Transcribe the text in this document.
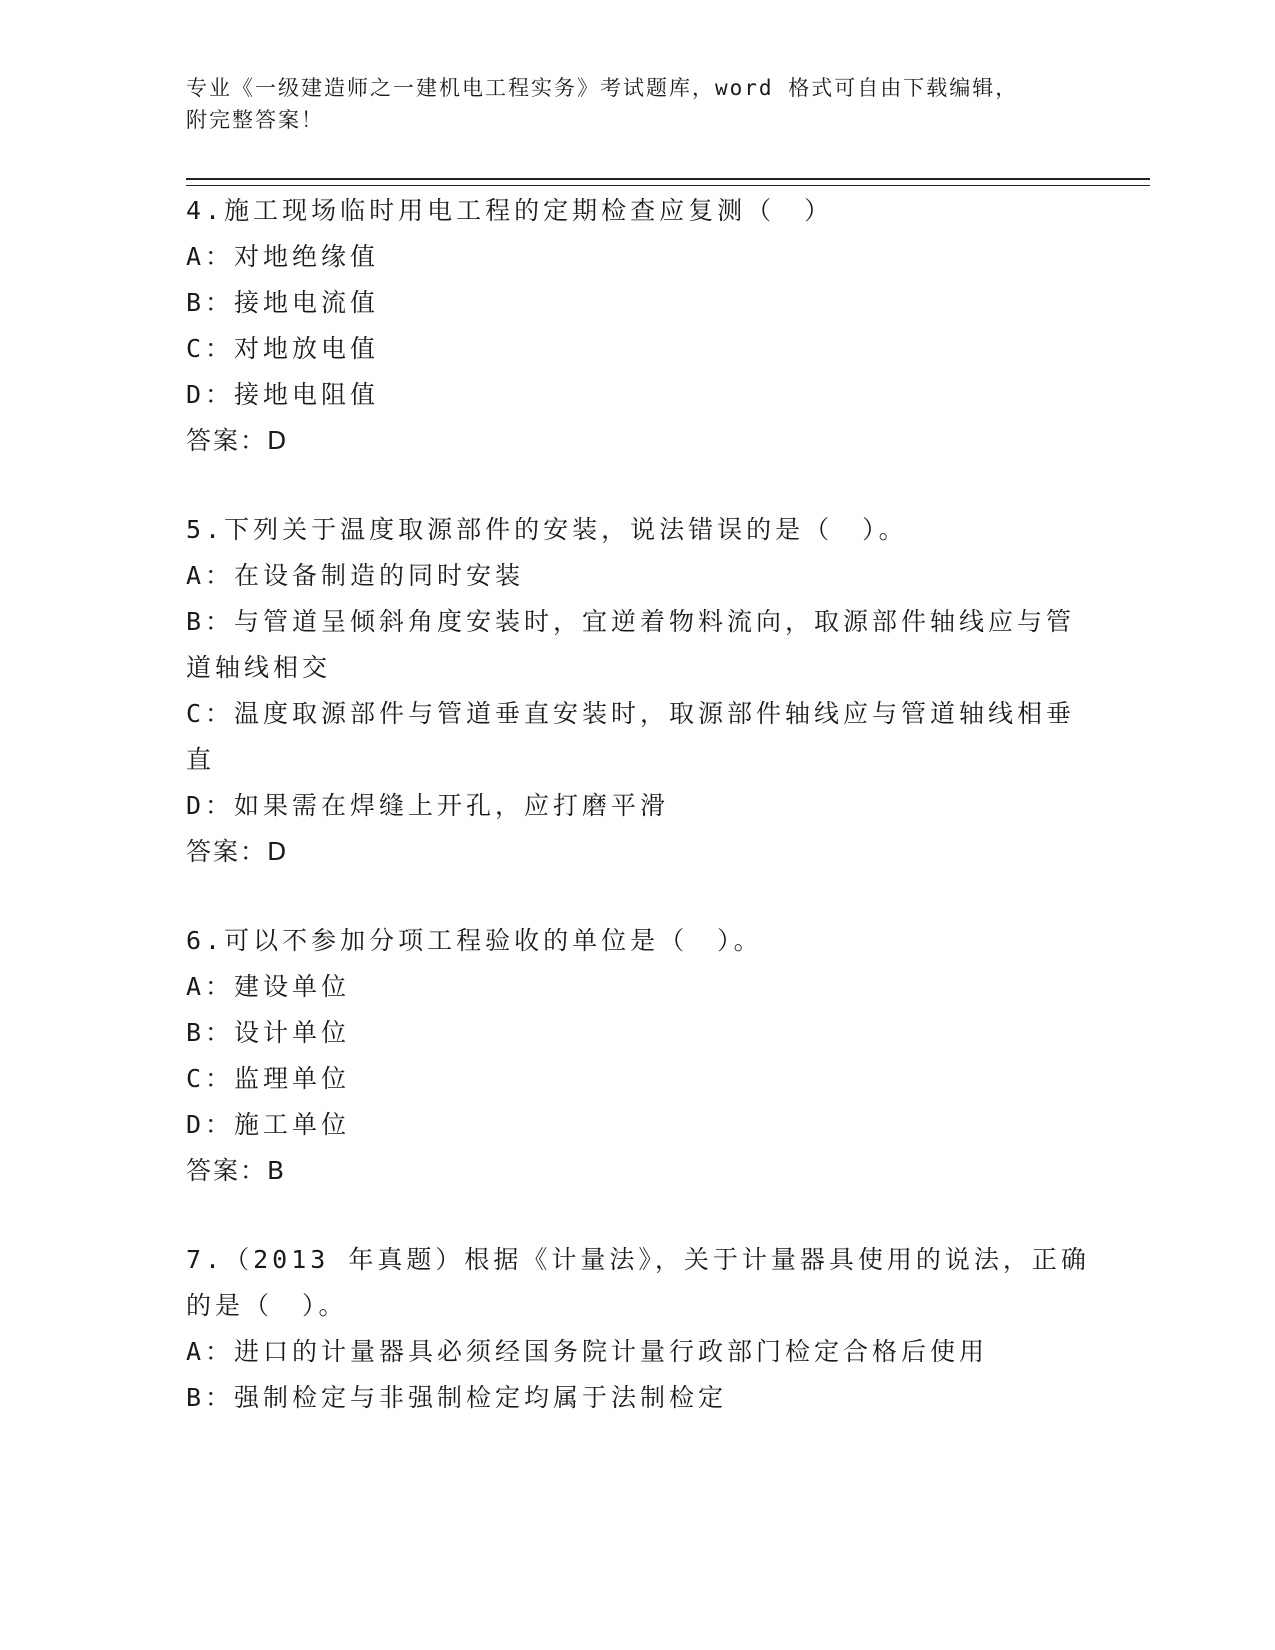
专业《一级建造师之一建机电工程实务》考试题库，word 格式可自由下载编辑，
附完整答案！
4.施工现场临时用电工程的定期检查应复测（　）
A：对地绝缘值
B：接地电流值
C：对地放电值
D：接地电阻值
答案：D
5.下列关于温度取源部件的安装，说法错误的是（　）。
A：在设备制造的同时安装
B：与管道呈倾斜角度安装时，宜逆着物料流向，取源部件轴线应与管
道轴线相交
C：温度取源部件与管道垂直安装时，取源部件轴线应与管道轴线相垂
直
D：如果需在焊缝上开孔，应打磨平滑
答案：D
6.可以不参加分项工程验收的单位是（　）。
A：建设单位
B：设计单位
C：监理单位
D：施工单位
答案：B
7.（2013 年真题）根据《计量法》，关于计量器具使用的说法，正确
的是（　）。
A：进口的计量器具必须经国务院计量行政部门检定合格后使用
B：强制检定与非强制检定均属于法制检定
